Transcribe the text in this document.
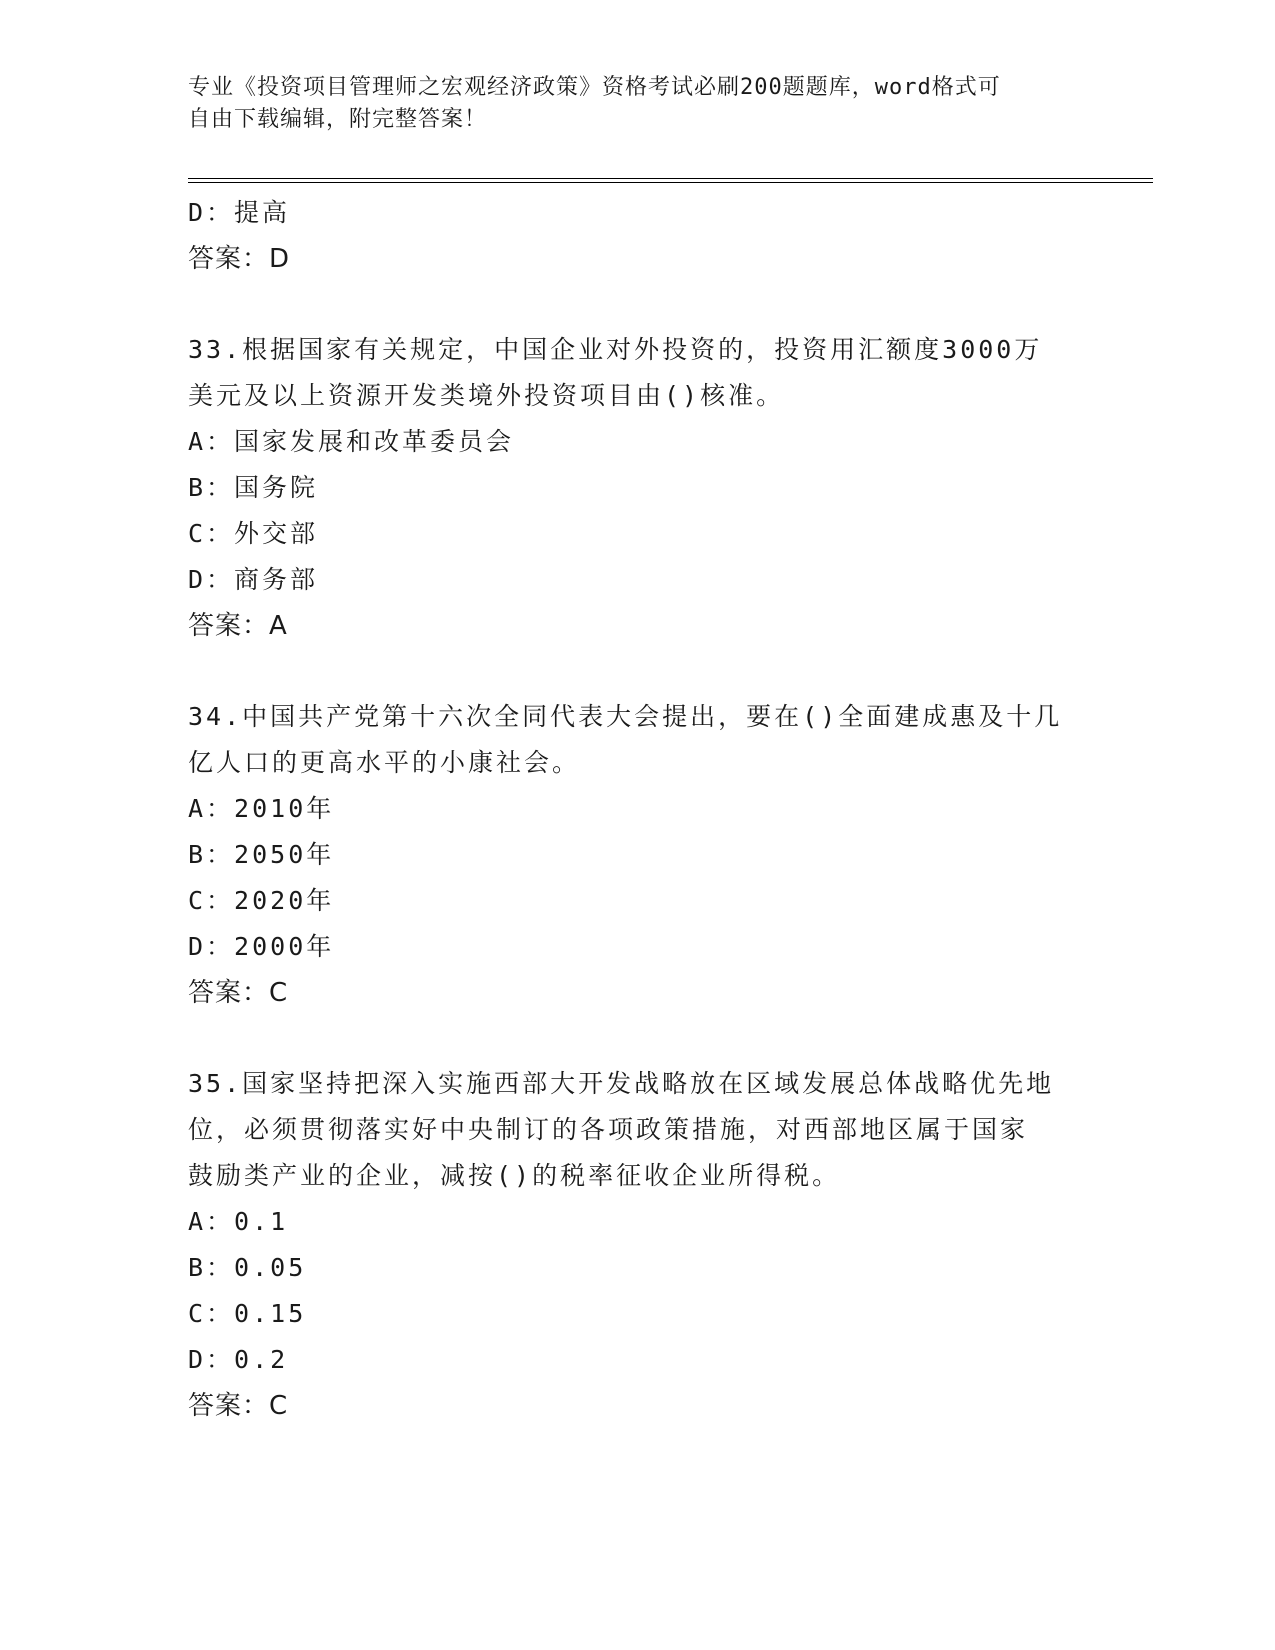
专业《投资项目管理师之宏观经济政策》资格考试必刷200题题库，word格式可
自由下载编辑，附完整答案！
D：提高
答案：D
33.根据国家有关规定，中国企业对外投资的，投资用汇额度3000万
美元及以上资源开发类境外投资项目由()核准。
A：国家发展和改革委员会
B：国务院
C：外交部
D：商务部
答案：A
34.中国共产党第十六次全同代表大会提出，要在()全面建成惠及十几
亿人口的更高水平的小康社会。
A：2010年
B：2050年
C：2020年
D：2000年
答案：C
35.国家坚持把深入实施西部大开发战略放在区域发展总体战略优先地
位，必须贯彻落实好中央制订的各项政策措施，对西部地区属于国家
鼓励类产业的企业，减按()的税率征收企业所得税。
A：0.1
B：0.05
C：0.15
D：0.2
答案：C
